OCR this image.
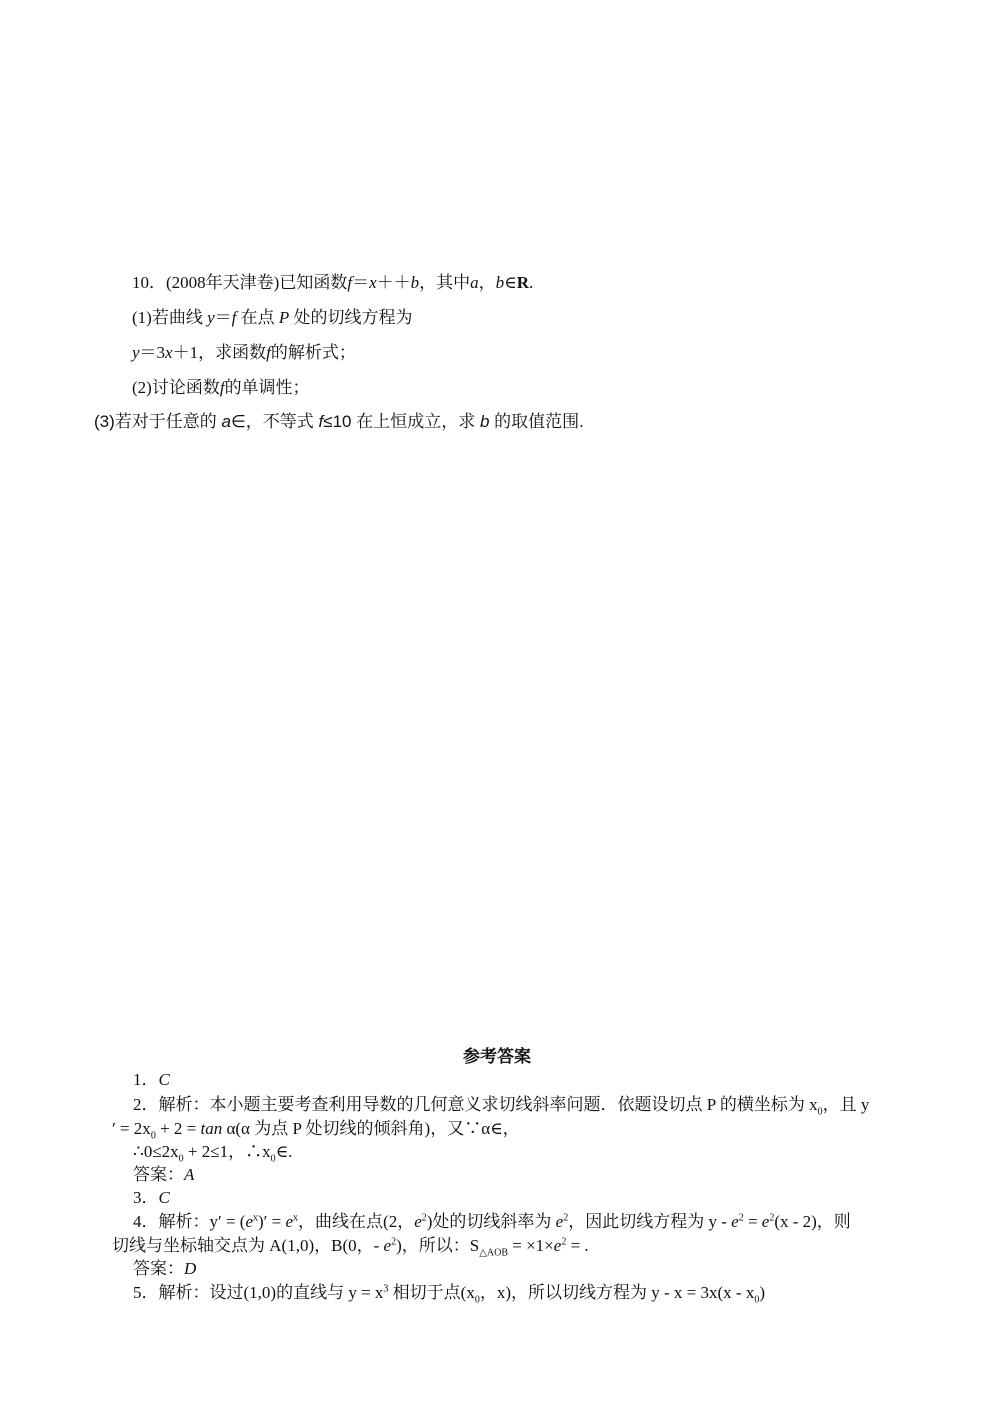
10．(2008年天津卷)已知函数f＝x＋＋b，其中a，b∈R.
(1)若曲线 y＝f 在点 P 处的切线方程为
y＝3x＋1，求函数f的解析式；
(2)讨论函数f的单调性；
(3)若对于任意的 a∈，不等式 f≤10 在上恒成立，求 b 的取值范围.
参考答案
1．C
2．解析：本小题主要考查利用导数的几何意义求切线斜率问题．依题设切点 P 的横坐标为 $x_0$，且 y
′ = $2x_0 + 2 = \tan \alpha(\alpha$ 为点 P 处切线的倾斜角)，又∵α∈，
$\therefore 0\le 2x_0 + 2\le 1$，$\therefore x_0\in$.
答案：A
3．C
4．解析：$y' = (e^x)' = e^x$，曲线在点(2，$e^2$)处的切线斜率为 $e^2$，因此切线方程为 $y - e^2 = e^2(x - 2)$，则
切线与坐标轴交点为 A(1,0)，B(0，- $e^2$)，所以：$S_{\triangle AOB} = \times 1\times e^2$ = .
答案：D
5．解析：设过(1,0)的直线与 $y = x^3$ 相切于点($x_0$，x)，所以切线方程为 $y - x = 3x(x - x_0)$
